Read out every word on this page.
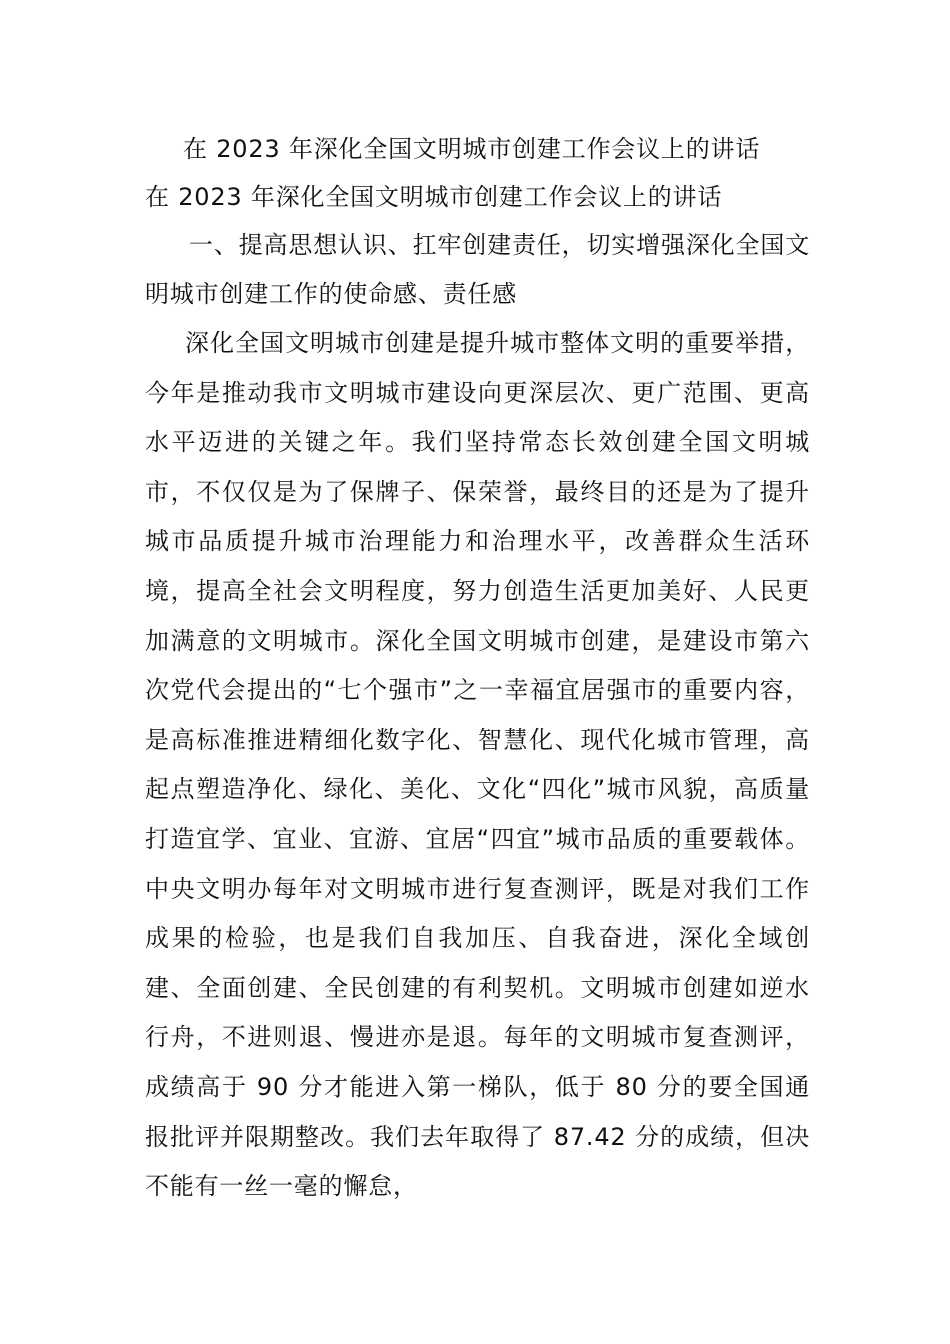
在 2023 年深化全国文明城市创建工作会议上的讲话
在 2023 年深化全国文明城市创建工作会议上的讲话

一、提高思想认识、扛牢创建责任，切实增强深化全国文明城市创建工作的使命感、责任感

深化全国文明城市创建是提升城市整体文明的重要举措，今年是推动我市文明城市建设向更深层次、更广范围、更高水平迈进的关键之年。我们坚持常态长效创建全国文明城市，不仅仅是为了保牌子、保荣誉，最终目的还是为了提升城市品质提升城市治理能力和治理水平，改善群众生活环境，提高全社会文明程度，努力创造生活更加美好、人民更加满意的文明城市。深化全国文明城市创建，是建设市第六次党代会提出的“七个强市”之一幸福宜居强市的重要内容，是高标准推进精细化数字化、智慧化、现代化城市管理，高起点塑造净化、绿化、美化、文化“四化”城市风貌，高质量打造宜学、宜业、宜游、宜居“四宜”城市品质的重要载体。中央文明办每年对文明城市进行复查测评，既是对我们工作成果的检验，也是我们自我加压、自我奋进，深化全域创建、全面创建、全民创建的有利契机。文明城市创建如逆水行舟，不进则退、慢进亦是退。每年的文明城市复查测评，成绩高于 90 分才能进入第一梯队，低于 80 分的要全国通报批评并限期整改。我们去年取得了 87.42 分的成绩，但决不能有一丝一毫的懈怠，
